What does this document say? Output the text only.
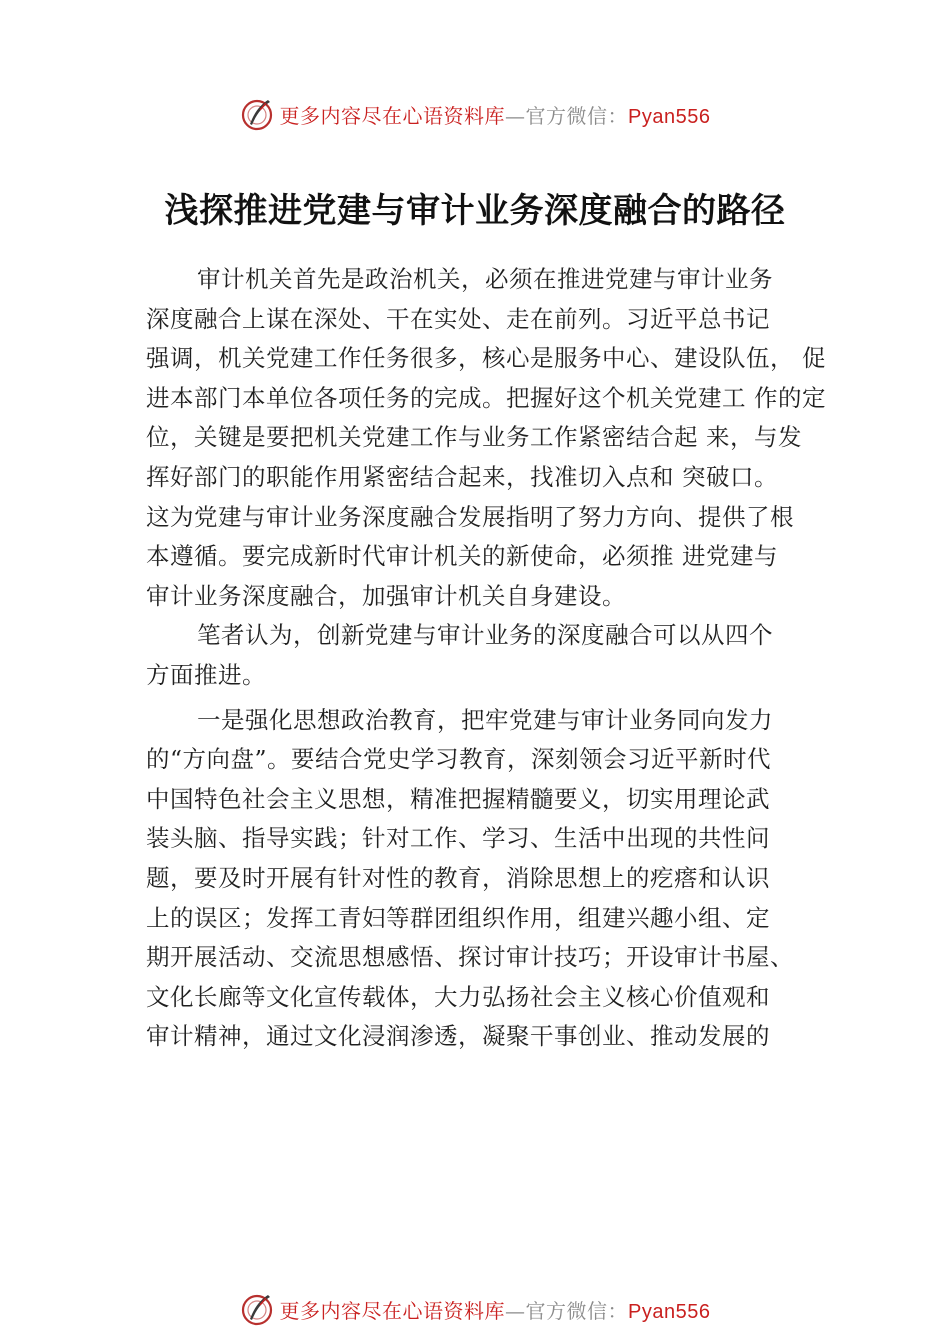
更多内容尽在心语资料库—官方微信：Pyan556
浅探推进党建与审计业务深度融合的路径
审计机关首先是政治机关，必须在推进党建与审计业务
深度融合上谋在深处、干在实处、走在前列。习近平总书记
强调，机关党建工作任务很多，核心是服务中心、建设队伍， 促
进本部门本单位各项任务的完成。把握好这个机关党建工 作的定
位，关键是要把机关党建工作与业务工作紧密结合起 来，与发
挥好部门的职能作用紧密结合起来，找准切入点和 突破口。
这为党建与审计业务深度融合发展指明了努力方向、提供了根
本遵循。要完成新时代审计机关的新使命，必须推 进党建与
审计业务深度融合，加强审计机关自身建设。
笔者认为，创新党建与审计业务的深度融合可以从四个
方面推进。
一是强化思想政治教育，把牢党建与审计业务同向发力
的“方向盘”。要结合党史学习教育，深刻领会习近平新时代
中国特色社会主义思想，精准把握精髓要义，切实用理论武
装头脑、指导实践；针对工作、学习、生活中出现的共性问
题，要及时开展有针对性的教育，消除思想上的疙瘩和认识
上的误区；发挥工青妇等群团组织作用，组建兴趣小组、定
期开展活动、交流思想感悟、探讨审计技巧；开设审计书屋、
文化长廊等文化宣传载体，大力弘扬社会主义核心价值观和
审计精神，通过文化浸润渗透，凝聚干事创业、推动发展的
更多内容尽在心语资料库—官方微信：Pyan556
